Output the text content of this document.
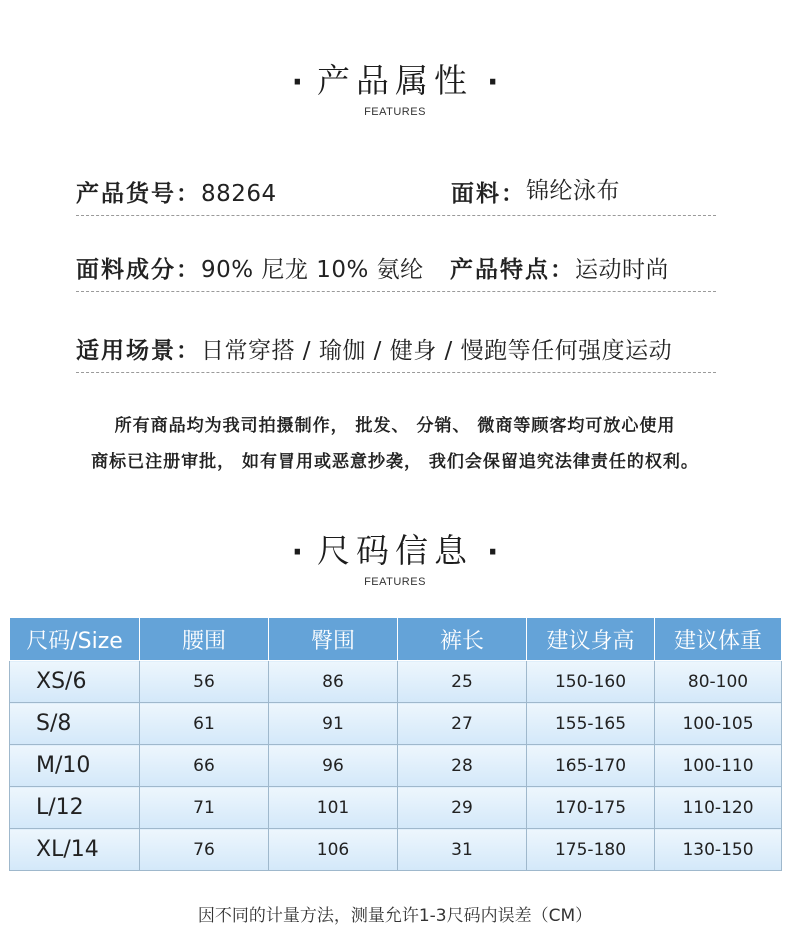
· 产品属性 ·
FEATURES
产品货号：88264	面料：锦纶泳布
面料成分：90% 尼龙 10% 氨纶 产品特点：运动时尚
适用场景：日常穿搭 / 瑜伽 / 健身 / 慢跑等任何强度运动
所有商品均为我司拍摄制作， 批发、 分销、 微商等顾客均可放心使用
商标已注册审批， 如有冒用或恶意抄袭， 我们会保留追究法律责任的权利。
· 尺码信息 ·
FEATURES
尺码/Size	腰围	臀围	裤长	建议身高	建议体重
XS/6	56	86	25	150-160	80-100
S/8	61	91	27	155-165	100-105
M/10	66	96	28	165-170	100-110
L/12	71	101	29	170-175	110-120
XL/14	76	106	31	175-180	130-150
因不同的计量方法，测量允许1-3尺码内误差（CM）
